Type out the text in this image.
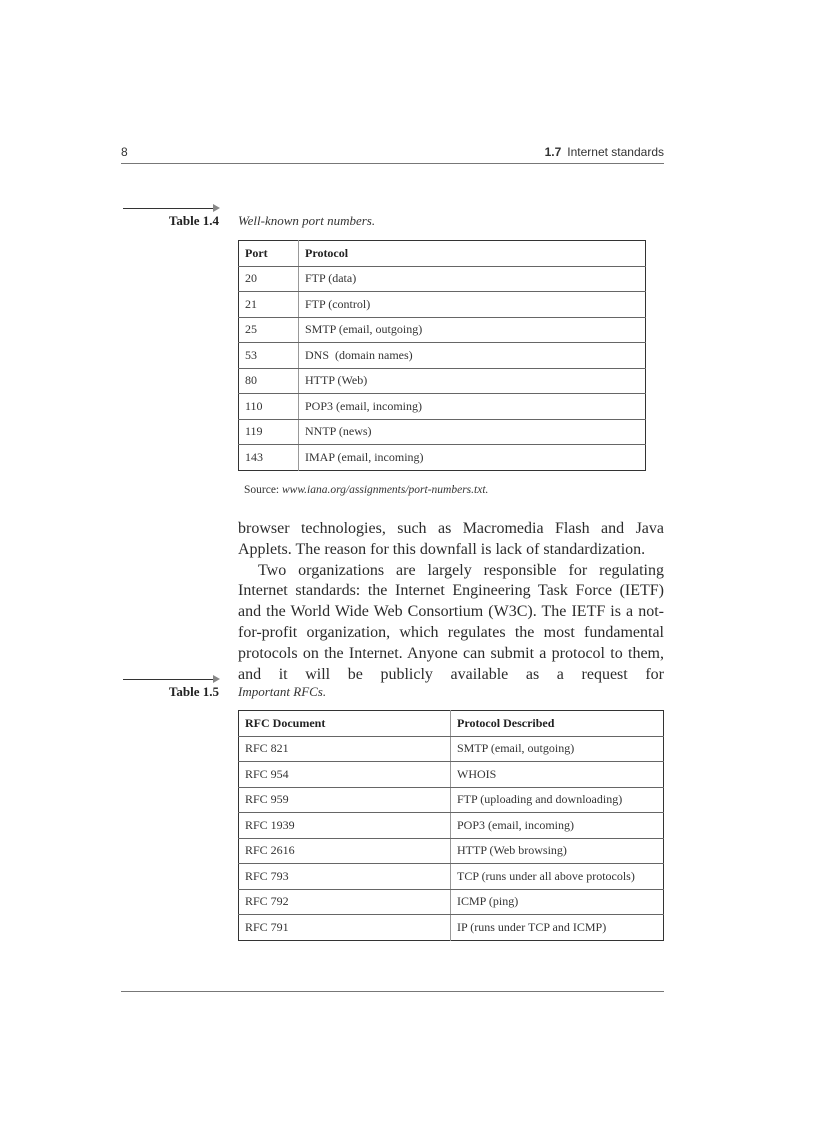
8	1.7 Internet standards
Table 1.4 Well-known port numbers.
Port	Protocol
20	FTP (data)
21	FTP (control)
25	SMTP (email, outgoing)
53	DNS  (domain names)
80	HTTP (Web)
110	POP3 (email, incoming)
119	NNTP (news)
143	IMAP (email, incoming)
Source: www.iana.org/assignments/port-numbers.txt.

browser technologies, such as Macromedia Flash and Java Applets. The reason for this downfall is lack of standardization.

Two organizations are largely responsible for regulating Internet standards: the Internet Engineering Task Force (IETF) and the World Wide Web Consortium (W3C). The IETF is a not-for-profit organization, which regulates the most fundamental protocols on the Internet. Anyone can submit a protocol to them, and it will be publicly available as a request for

Table 1.5 Important RFCs.
RFC Document	Protocol Described
RFC 821	SMTP (email, outgoing)
RFC 954	WHOIS
RFC 959	FTP (uploading and downloading)
RFC 1939	POP3 (email, incoming)
RFC 2616	HTTP (Web browsing)
RFC 793	TCP (runs under all above protocols)
RFC 792	ICMP (ping)
RFC 791	IP (runs under TCP and ICMP)
